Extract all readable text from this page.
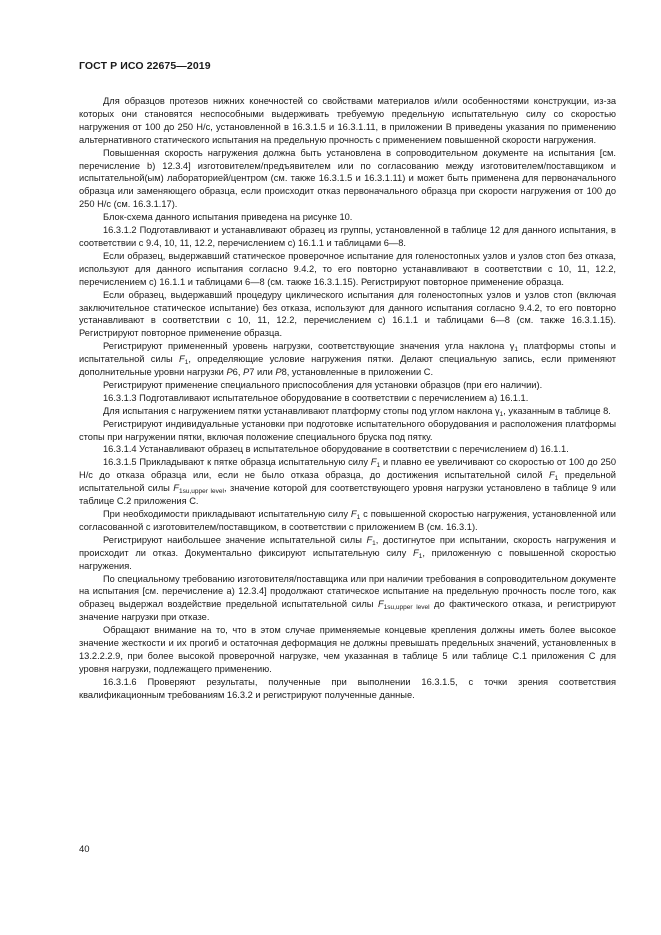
ГОСТ Р ИСО 22675—2019

Для образцов протезов нижних конечностей со свойствами материалов и/или особенностями конструкции, из-за которых они становятся неспособными выдерживать требуемую предельную испытательную силу со скоростью нагружения от 100 до 250 Н/с, установленной в 16.3.1.5 и 16.3.1.11, в приложении В приведены указания по применению альтернативного статического испытания на предельную прочность с применением повышенной скорости нагружения.

Повышенная скорость нагружения должна быть установлена в сопроводительном документе на испытания [см. перечисление b) 12.3.4] изготовителем/предъявителем или по согласованию между изготовителем/поставщиком и испытательной(ым) лабораторией/центром (см. также 16.3.1.5 и 16.3.1.11) и может быть применена для первоначального образца или заменяющего образца, если происходит отказ первоначального образца при скорости нагружения от 100 до 250 Н/с (см. 16.3.1.17).

Блок-схема данного испытания приведена на рисунке 10.

16.3.1.2 Подготавливают и устанавливают образец из группы, установленной в таблице 12 для данного испытания, в соответствии с 9.4, 10, 11, 12.2, перечислением с) 16.1.1 и таблицами 6—8.

Если образец, выдержавший статическое проверочное испытание для голеностопных узлов и узлов стоп без отказа, используют для данного испытания согласно 9.4.2, то его повторно устанавливают в соответствии с 10, 11, 12.2, перечислением с) 16.1.1 и таблицами 6—8 (см. также 16.3.1.15). Регистрируют повторное применение образца.

Если образец, выдержавший процедуру циклического испытания для голеностопных узлов и узлов стоп (включая заключительное статическое испытание) без отказа, используют для данного испытания согласно 9.4.2, то его повторно устанавливают в соответствии с 10, 11, 12.2, перечислением с) 16.1.1 и таблицами 6—8 (см. также 16.3.1.15). Регистрируют повторное применение образца.

Регистрируют примененный уровень нагрузки, соответствующие значения угла наклона $\gamma_1$ платформы стопы и испытательной силы $F_1$, определяющие условие нагружения пятки. Делают специальную запись, если применяют дополнительные уровни нагрузки P6, P7 или P8, установленные в приложении С.

Регистрируют применение специального приспособления для установки образцов (при его наличии).

16.3.1.3 Подготавливают испытательное оборудование в соответствии с перечислением а) 16.1.1.

Для испытания с нагружением пятки устанавливают платформу стопы под углом наклона $\gamma_1$, указанным в таблице 8.

Регистрируют индивидуальные установки при подготовке испытательного оборудования и расположения платформы стопы при нагружении пятки, включая положение специального бруска под пятку.

16.3.1.4 Устанавливают образец в испытательное оборудование в соответствии с перечислением d) 16.1.1.

16.3.1.5 Прикладывают к пятке образца испытательную силу $F_1$ и плавно ее увеличивают со скоростью от 100 до 250 Н/с до отказа образца или, если не было отказа образца, до достижения испытательной силой $F_1$ предельной испытательной силы $F_{1su,upper level}$, значение которой для соответствующего уровня нагрузки установлено в таблице 9 или таблице С.2 приложения С.

При необходимости прикладывают испытательную силу $F_1$ с повышенной скоростью нагружения, установленной или согласованной с изготовителем/поставщиком, в соответствии с приложением В (см. 16.3.1).

Регистрируют наибольшее значение испытательной силы $F_1$, достигнутое при испытании, скорость нагружения и происходит ли отказ. Документально фиксируют испытательную силу $F_1$, приложенную с повышенной скоростью нагружения.

По специальному требованию изготовителя/поставщика или при наличии требования в сопроводительном документе на испытания [см. перечисление а) 12.3.4] продолжают статическое испытание на предельную прочность после того, как образец выдержал воздействие предельной испытательной силы $F_{1su,upper level}$ до фактического отказа, и регистрируют значение нагрузки при отказе.

Обращают внимание на то, что в этом случае применяемые концевые крепления должны иметь более высокое значение жесткости и их прогиб и остаточная деформация не должны превышать предельных значений, установленных в 13.2.2.2.9, при более высокой проверочной нагрузке, чем указанная в таблице 5 или таблице С.1 приложения С для уровня нагрузки, подлежащего применению.

16.3.1.6 Проверяют результаты, полученные при выполнении 16.3.1.5, с точки зрения соответствия квалификационным требованиям 16.3.2 и регистрируют полученные данные.

40
